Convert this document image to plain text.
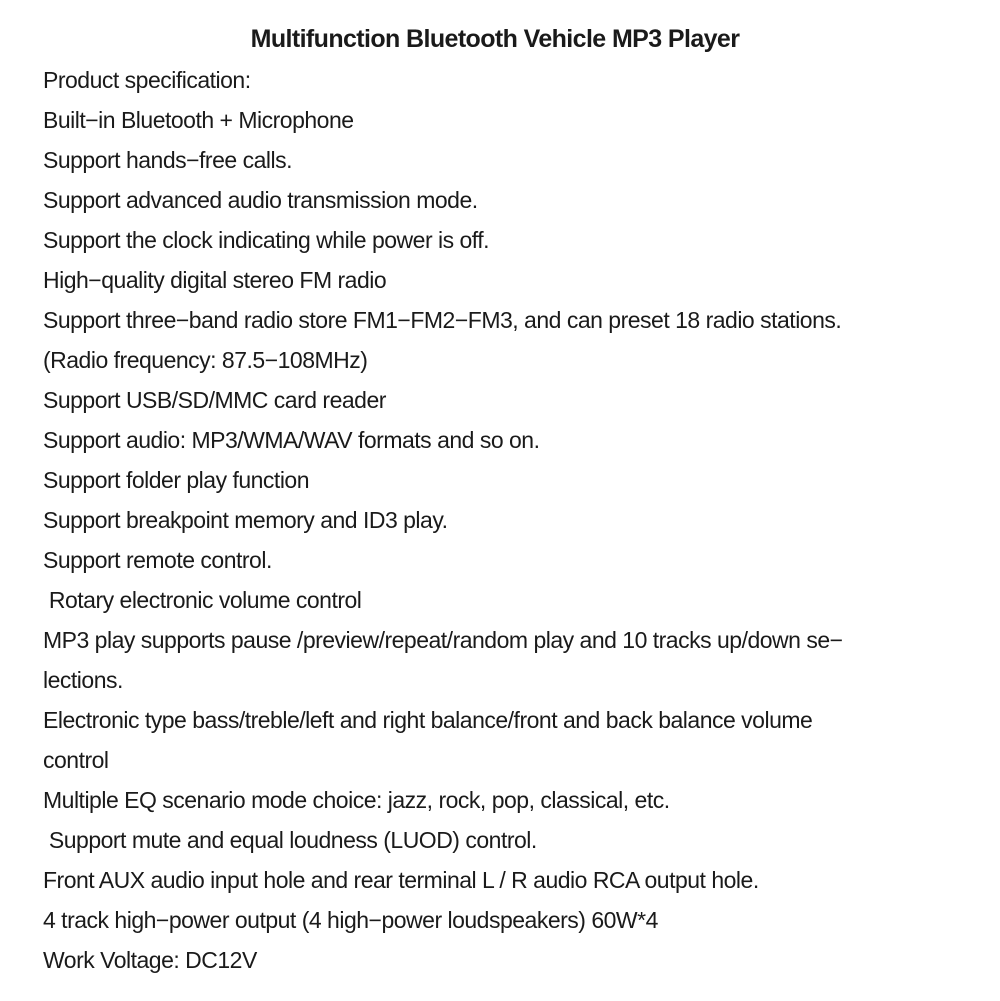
Multifunction Bluetooth Vehicle MP3 Player
Product specification:
Built−in Bluetooth + Microphone
Support hands−free calls.
Support advanced audio transmission mode.
Support the clock indicating while power is off.
High−quality digital stereo FM radio
Support three−band radio store FM1−FM2−FM3, and can preset 18 radio stations.
(Radio frequency: 87.5−108MHz)
Support USB/SD/MMC card reader
Support audio: MP3/WMA/WAV formats and so on.
Support folder play function
Support breakpoint memory and ID3 play.
Support remote control.
Rotary electronic volume control
MP3 play supports pause /preview/repeat/random play and 10 tracks up/down se−
lections.
Electronic type bass/treble/left and right balance/front and back balance volume
control
Multiple EQ scenario mode choice: jazz, rock, pop, classical, etc.
Support mute and equal loudness (LUOD) control.
Front AUX audio input hole and rear terminal L / R audio RCA output hole.
4 track high−power output (4 high−power loudspeakers) 60W*4
Work Voltage: DC12V
